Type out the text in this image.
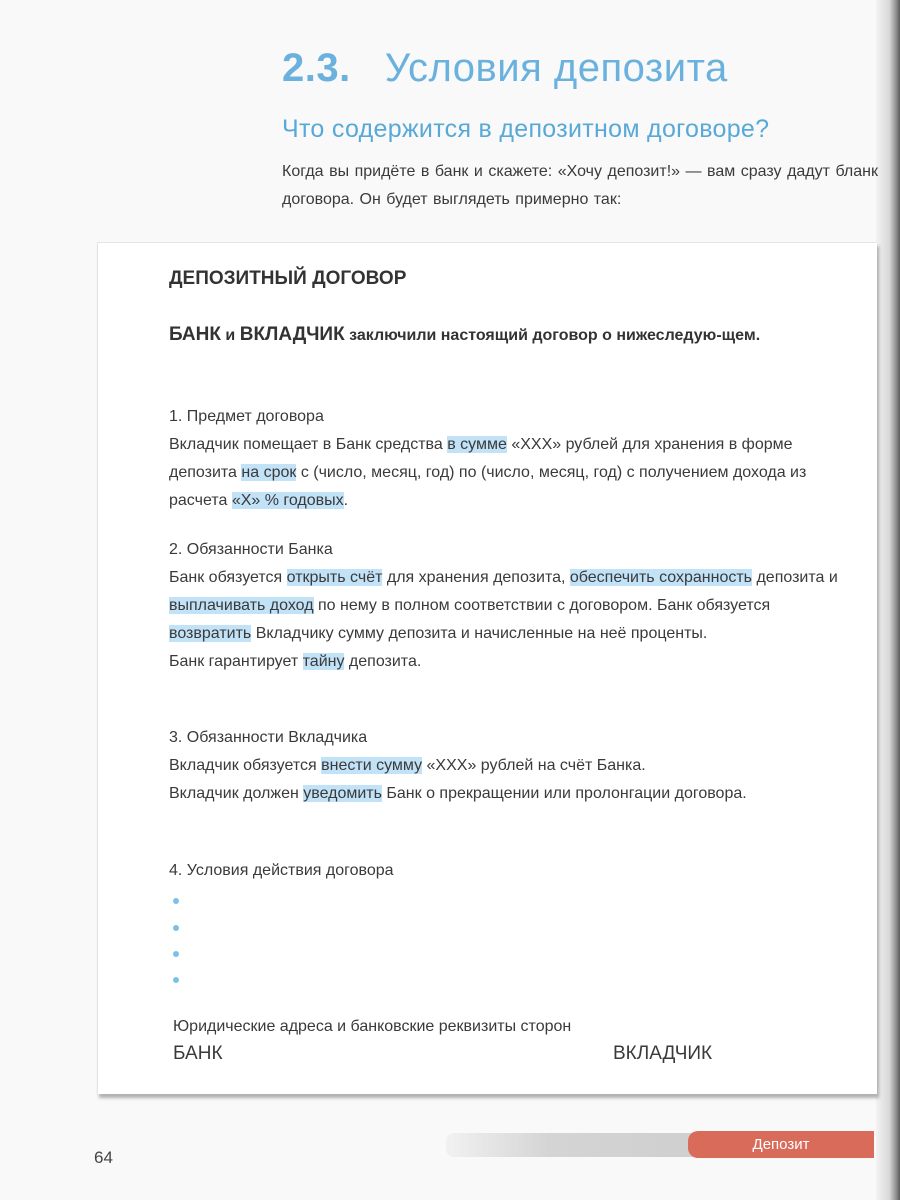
2.3. Условия депозита
Что содержится в депозитном договоре?
Когда вы придёте в банк и скажете: «Хочу депозит!» — вам сразу дадут бланк договора. Он будет выглядеть примерно так:
ДЕПОЗИТНЫЙ ДОГОВОР
БАНК и ВКЛАДЧИК заключили настоящий договор о нижеследую-щем.

1. Предмет договора

Вкладчик помещает в Банк средства в сумме «XXX» рублей для хранения в форме депозита на срок с (число, месяц, год) по (число, месяц, год) с получением дохода из расчета «X» % годовых.

2. Обязанности Банка

Банк обязуется открыть счёт для хранения депозита, обеспечить сохранность депозита и выплачивать доход по нему в полном соответствии с договором. Банк обязуется возвратить Вкладчику сумму депозита и начисленные на неё проценты.

Банк гарантирует тайну депозита.

3. Обязанности Вкладчика

Вкладчик обязуется внести сумму «XXX» рублей на счёт Банка.

Вкладчик должен уведомить Банк о прекращении или пролонгации договора.

4. Условия действия договора

Юридические адреса и банковские реквизиты сторон
БАНК	ВКЛАДЧИК
64
Депозит
